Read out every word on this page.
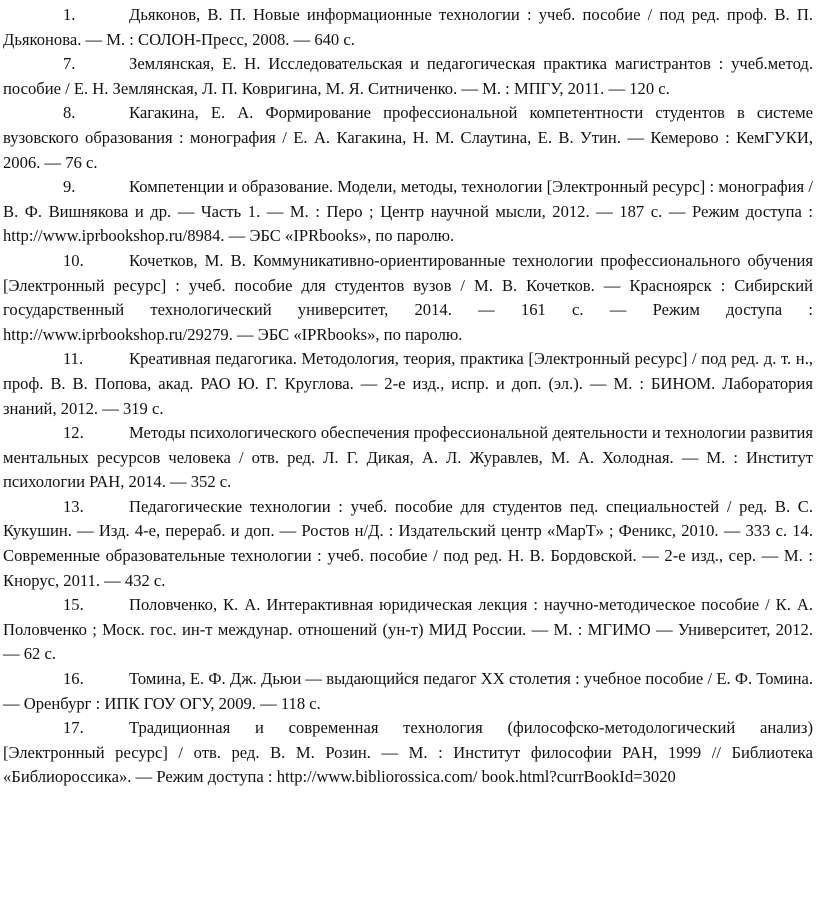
1.	Дьяконов, В. П. Новые информационные технологии : учеб. пособие / под ред. проф. В. П. Дьяконова. — М. : СОЛОН-Пресс, 2008. — 640 с.

7.	Землянская, Е. Н. Исследовательская и педагогическая практика магистрантов : учеб.метод. пособие / Е. Н. Землянская, Л. П. Ковригина, М. Я. Ситниченко. — М. : МПГУ, 2011. — 120 с.

8.	Кагакина, Е. А. Формирование профессиональной компетентности студентов в системе вузовского образования : монография / Е. А. Кагакина, Н. М. Слаутина, Е. В. Утин. — Кемерово : КемГУКИ, 2006. — 76 с.

9.	Компетенции и образование. Модели, методы, технологии [Электронный ресурс] : монография / В. Ф. Вишнякова и др. — Часть 1. — М. : Перо ; Центр научной мысли, 2012. — 187 с. — Режим доступа : http://www.iprbookshop.ru/8984. — ЭБС «IPRbooks», по паролю.

10.	Кочетков, М. В. Коммуникативно-ориентированные технологии профессионального обучения [Электронный ресурс] : учеб. пособие для студентов вузов / М. В. Кочетков. — Красноярск : Сибирский государственный технологический университет, 2014. — 161 с. — Режим доступа : http://www.iprbookshop.ru/29279. — ЭБС «IPRbooks», по паролю.

11.	Креативная педагогика. Методология, теория, практика [Электронный ресурс] / под ред. д. т. н., проф. В. В. Попова, акад. РАО Ю. Г. Круглова. — 2-е изд., испр. и доп. (эл.). — М. : БИНОМ. Лаборатория знаний, 2012. — 319 с.

12.	Методы психологического обеспечения профессиональной деятельности и технологии развития ментальных ресурсов человека / отв. ред. Л. Г. Дикая, А. Л. Журавлев, М. А. Холодная. — М. : Институт психологии РАН, 2014. — 352 с.

13.	Педагогические технологии : учеб. пособие для студентов пед. специальностей / ред. В. С. Кукушин. — Изд. 4-е, перераб. и доп. — Ростов н/Д. : Издательский центр «МарТ» ; Феникс, 2010. — 333 с. 14. Современные образовательные технологии : учеб. пособие / под ред. Н. В. Бордовской. — 2-е изд., сер. — М. : Кнорус, 2011. — 432 с.

15.	Половченко, К. А. Интерактивная юридическая лекция : научно-методическое пособие / К. А. Половченко ; Моск. гос. ин-т междунар. отношений (ун-т) МИД России. — М. : МГИМО — Университет, 2012. — 62 с.

16.	Томина, Е. Ф. Дж. Дьюи — выдающийся педагог XX столетия : учебное пособие / Е. Ф. Томина. — Оренбург : ИПК ГОУ ОГУ, 2009. — 118 с.

17.	Традиционная и современная технология (философско-методологический анализ) [Электронный ресурс] / отв. ред. В. М. Розин. — М. : Институт философии РАН, 1999 // Библиотека «Библиороссика». — Режим доступа : http://www.bibliorossica.com/ book.html?currBookId=3020
